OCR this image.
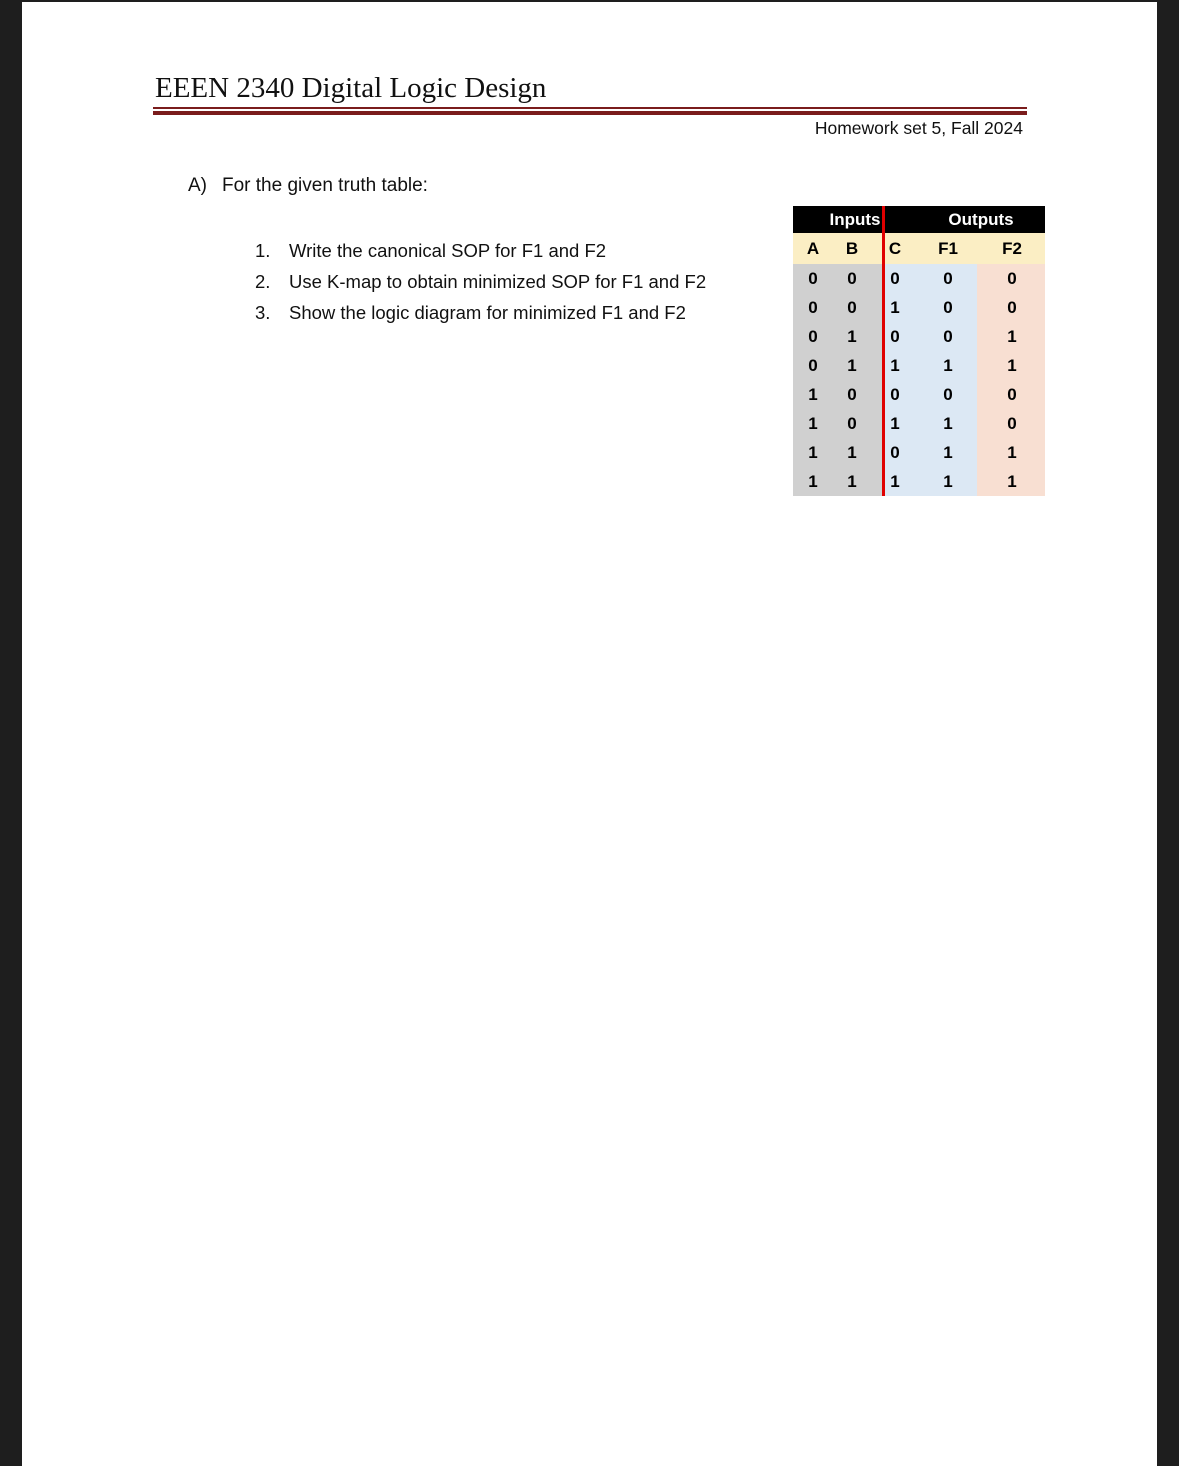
EEEN 2340 Digital Logic Design
Homework set 5, Fall 2024
A) For the given truth table:
1. Write the canonical SOP for F1 and F2
2. Use K-map to obtain minimized SOP for F1 and F2
3. Show the logic diagram for minimized F1 and F2
Inputs	Outputs
A	B	C	F1	F2
0	0	0	0	0
0	0	1	0	0
0	1	0	0	1
0	1	1	1	1
1	0	0	0	0
1	0	1	1	0
1	1	0	1	1
1	1	1	1	1
